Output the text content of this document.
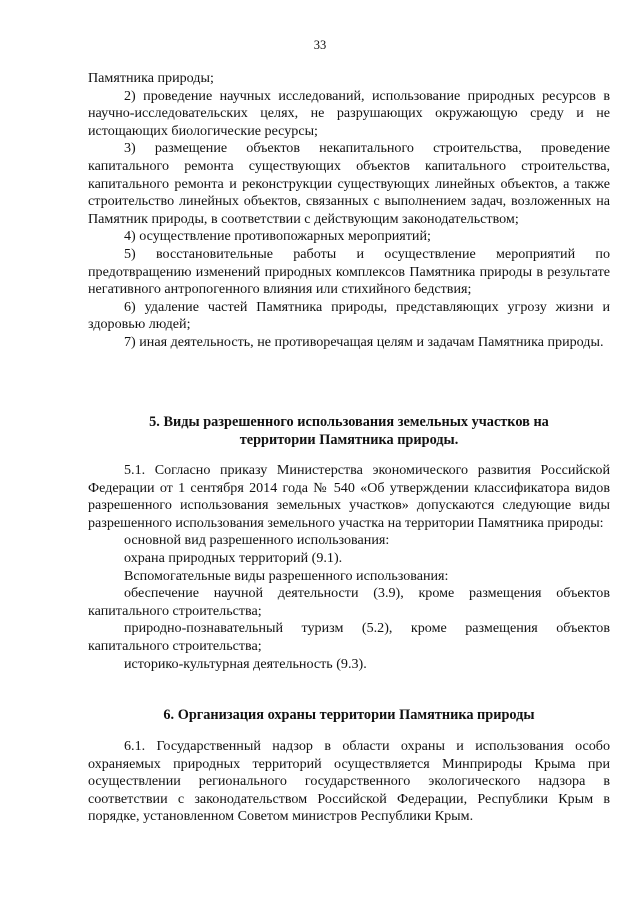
33

Памятника природы;

2) проведение научных исследований, использование природных ресурсов в научно-исследовательских целях, не разрушающих окружающую среду и не истощающих биологические ресурсы;

3) размещение объектов некапитального строительства, проведение капитального ремонта существующих объектов капитального строительства, капитального ремонта и реконструкции существующих линейных объектов, а также строительство линейных объектов, связанных с выполнением задач, возложенных на Памятник природы, в соответствии с действующим законодательством;

4) осуществление противопожарных мероприятий;

5) восстановительные работы и осуществление мероприятий по предотвращению изменений природных комплексов Памятника природы в результате негативного антропогенного влияния или стихийного бедствия;

6) удаление частей Памятника природы, представляющих угрозу жизни и здоровью людей;

7) иная деятельность, не противоречащая целям и задачам Памятника природы.

5. Виды разрешенного использования земельных участков на
территории Памятника природы.

5.1. Согласно приказу Министерства экономического развития Российской Федерации от 1 сентября 2014 года № 540 «Об утверждении классификатора видов разрешенного использования земельных участков» допускаются следующие виды разрешенного использования земельного участка на территории Памятника природы:

основной вид разрешенного использования:

охрана природных территорий (9.1).

Вспомогательные виды разрешенного использования:

обеспечение научной деятельности (3.9), кроме размещения объектов капитального строительства;

природно-познавательный туризм (5.2), кроме размещения объектов капитального строительства;

историко-культурная деятельность (9.3).

6. Организация охраны территории Памятника природы

6.1. Государственный надзор в области охраны и использования особо охраняемых природных территорий осуществляется Минприроды Крыма при осуществлении регионального государственного экологического надзора в соответствии с законодательством Российской Федерации, Республики Крым в порядке, установленном Советом министров Республики Крым.
